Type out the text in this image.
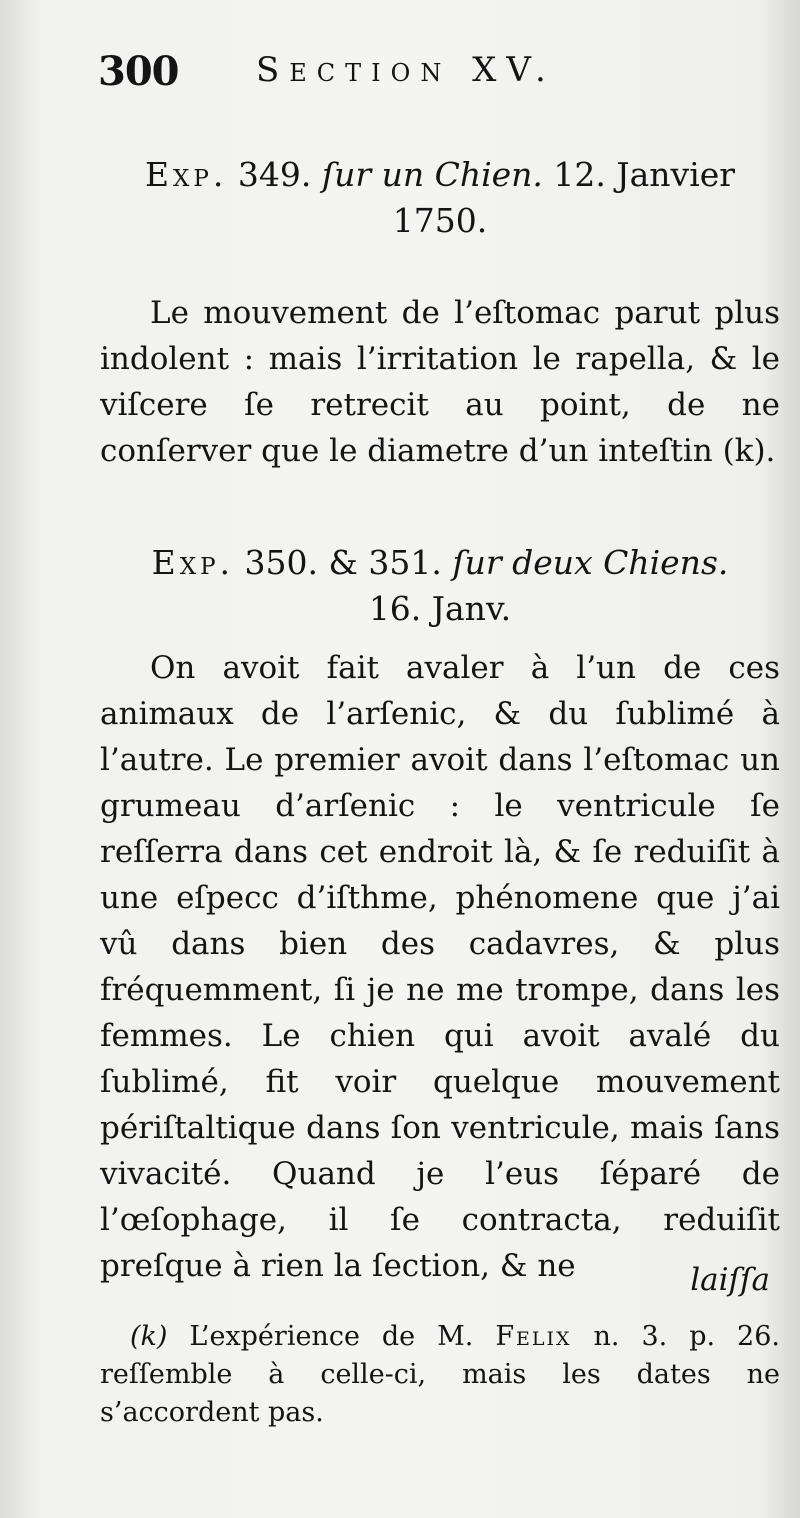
300 Section XV.
Exp. 349. ſur un Chien. 12. Janvier
1750.

Le mouvement de l’eſtomac parut plus indolent : mais l’irritation le rapella, & le viſcere ſe retrecit au point, de ne conſerver que le diametre d’un inteſtin (k).

Exp. 350. & 351. ſur deux Chiens.
16. Janv.

On avoit fait avaler à l’un de ces animaux de l’arſenic, & du ſublimé à l’autre. Le premier avoit dans l’eſtomac un grumeau d’arſenic : le ventricule ſe reſſerra dans cet endroit là, & ſe reduiſit à une eſpecc d’iſthme, phénomene que j’ai vû dans bien des cadavres, & plus fréquemment, ſi je ne me trompe, dans les femmes. Le chien qui avoit avalé du ſublimé, fit voir quelque mouvement périſtaltique dans ſon ventricule, mais ſans vivacité. Quand je l’eus ſéparé de l’œſophage, il ſe contracta, reduiſit preſque à rien la ſection, & ne	laiſſa

(k) L’expérience de M. Felix n. 3. p. 26. reſſemble à celle-ci, mais les dates ne s’accordent pas.
